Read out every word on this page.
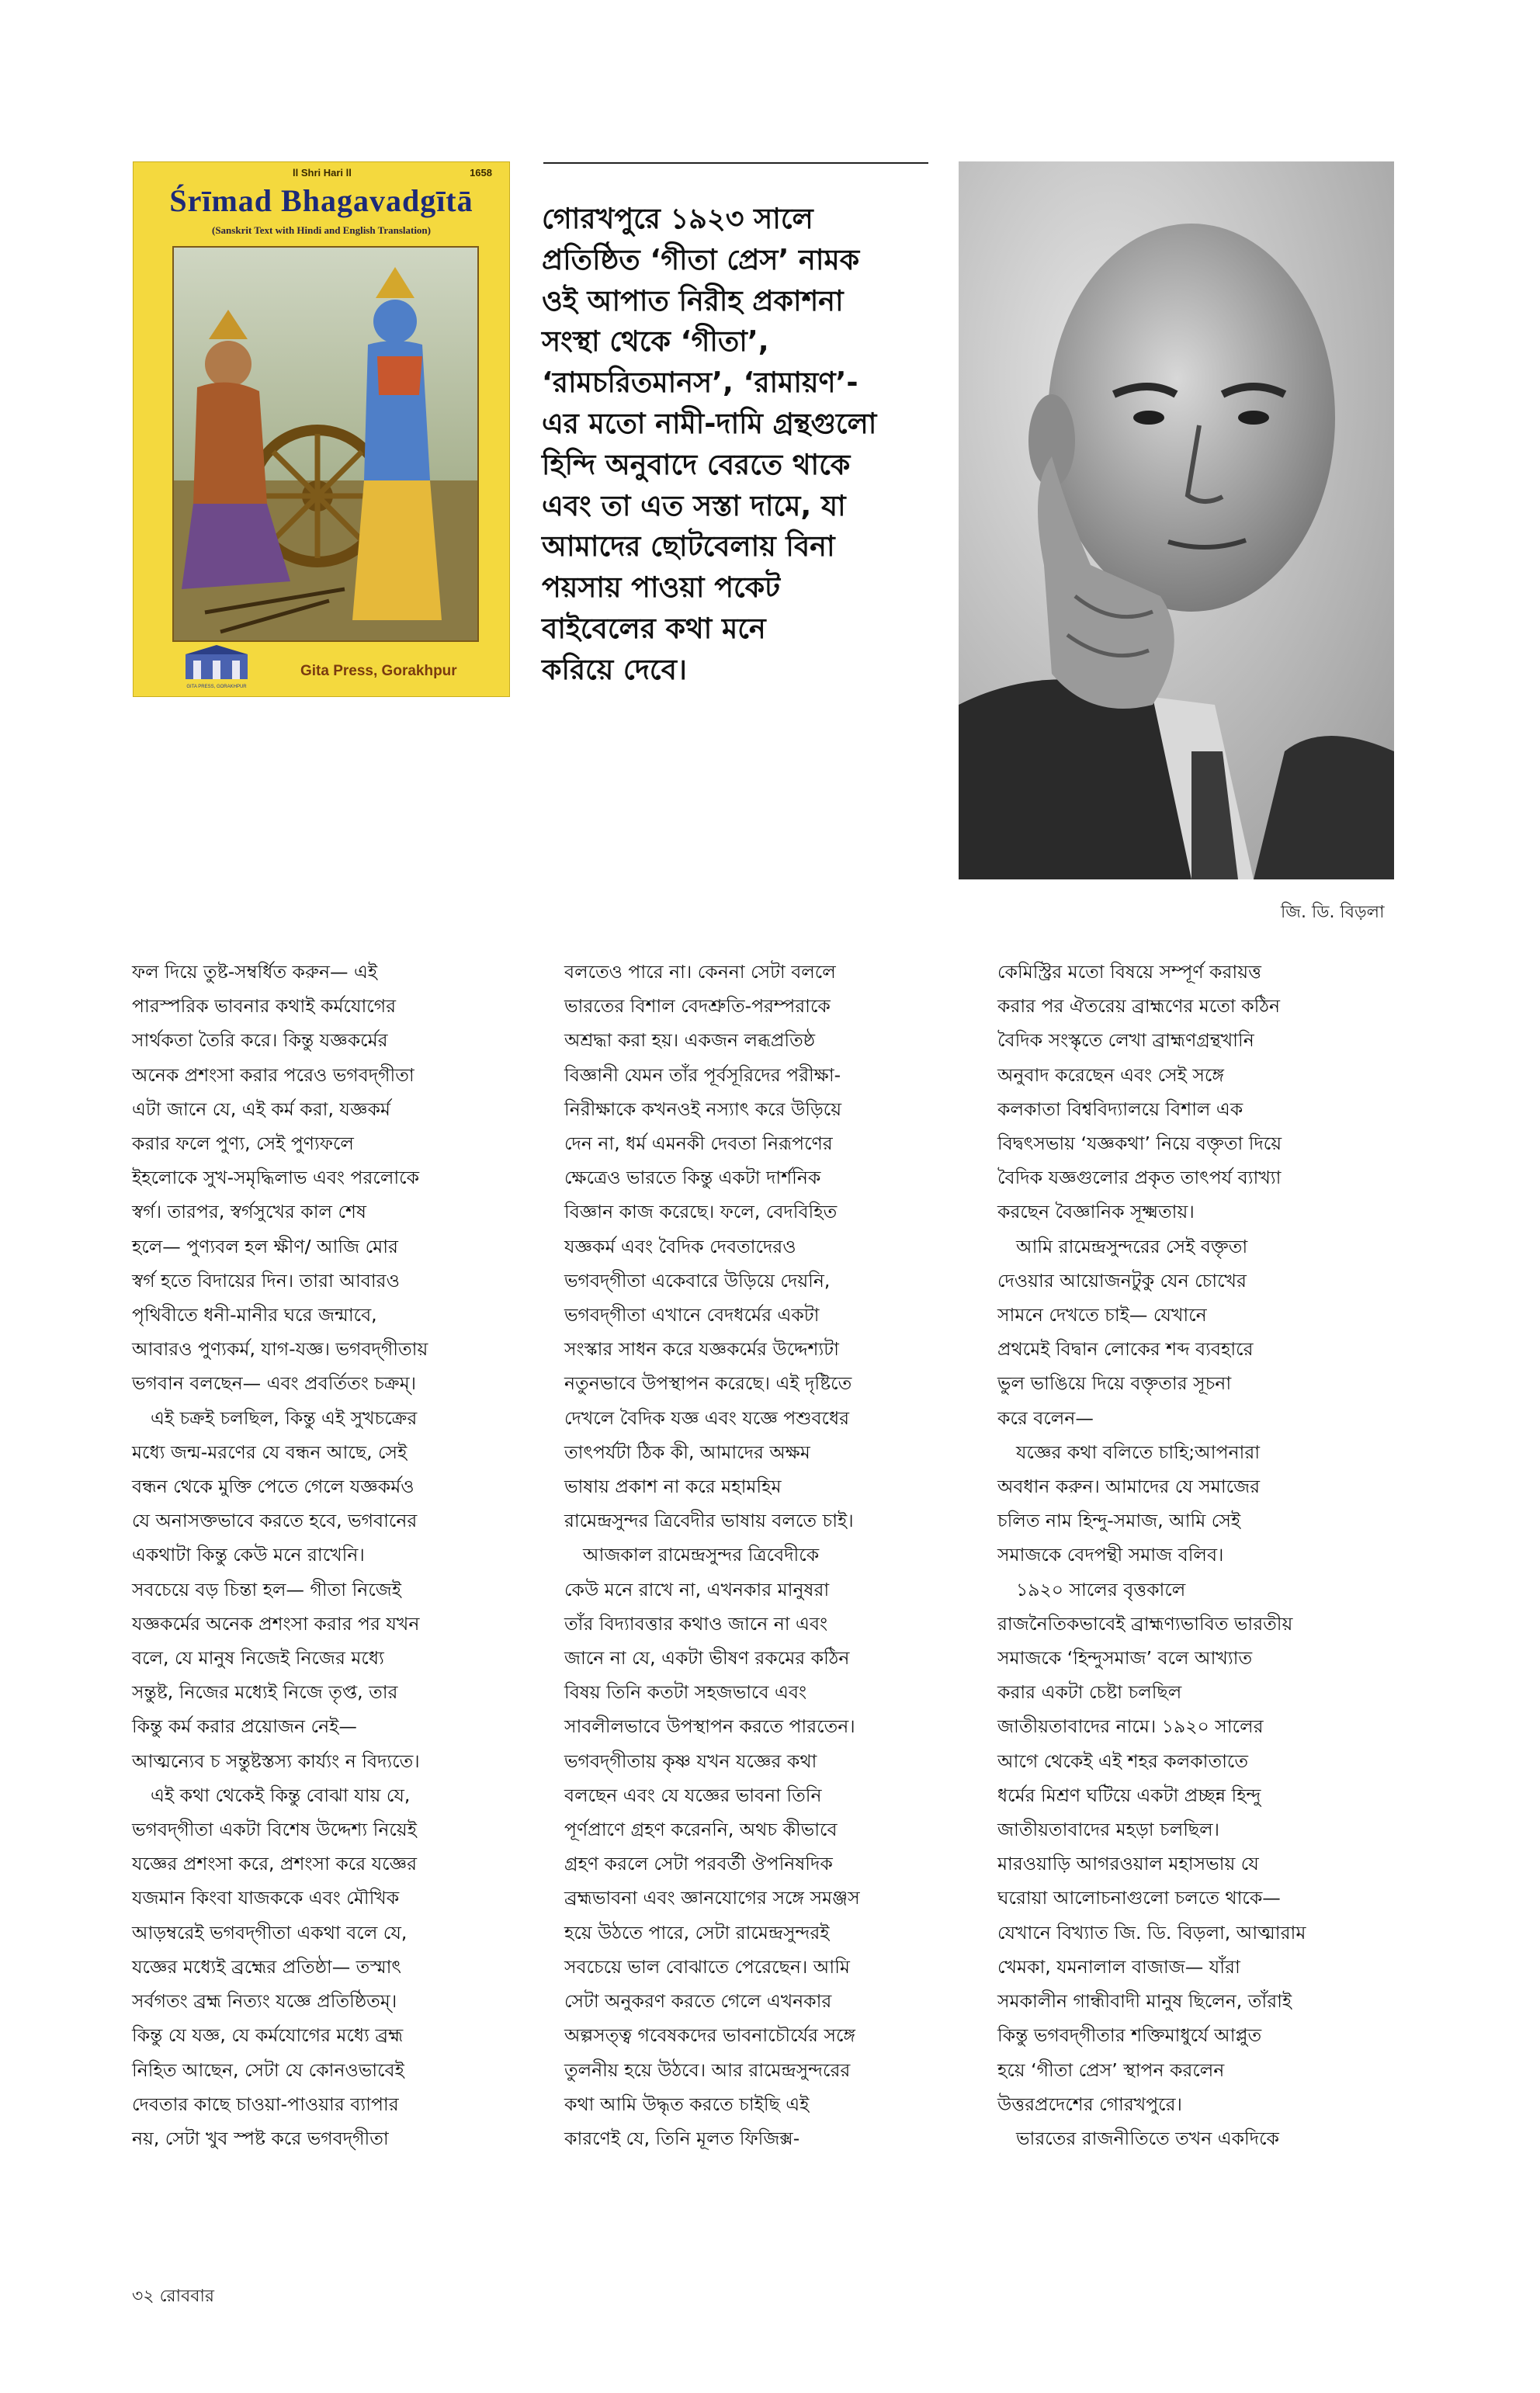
ll Shri Hari ll	1658
Śrīmad Bhagavadgītā
(Sanskrit Text with Hindi and English Translation)
GITA PRESS, GORAKHPUR
Gita Press, Gorakhpur
গোরখপুরে ১৯২৩ সালে
প্রতিষ্ঠিত ‘গীতা প্রেস’ নামক
ওই আপাত নিরীহ প্রকাশনা
সংস্থা থেকে ‘গীতা’,
‘রামচরিতমানস’, ‘রামায়ণ’-
এর মতো নামী-দামি গ্রন্থগুলো
হিন্দি অনুবাদে বেরতে থাকে
এবং তা এত সস্তা দামে, যা
আমাদের ছোটবেলায় বিনা
পয়সায় পাওয়া পকেট
বাইবেলের কথা মনে
করিয়ে দেবে।
জি. ডি. বিড়লা
ফল দিয়ে তুষ্ট-সম্বর্ধিত করুন— এই
পারস্পরিক ভাবনার কথাই কর্মযোগের
সার্থকতা তৈরি করে। কিন্তু যজ্ঞকর্মের
অনেক প্রশংসা করার পরেও ভগবদ্‌গীতা
এটা জানে যে, এই কর্ম করা, যজ্ঞকর্ম
করার ফলে পুণ্য, সেই পুণ্যফলে
ইহলোকে সুখ-সমৃদ্ধিলাভ এবং পরলোকে
স্বর্গ। তারপর, স্বর্গসুখের কাল শেষ
হলে— পুণ্যবল হল ক্ষীণ/ আজি মোর
স্বর্গ হতে বিদায়ের দিন। তারা আবারও
পৃথিবীতে ধনী-মানীর ঘরে জন্মাবে,
আবারও পুণ্যকর্ম, যাগ-যজ্ঞ। ভগবদ্‌গীতায়
ভগবান বলছেন— এবং প্রবর্তিতং চক্রম্‌।
এই চক্রই চলছিল, কিন্তু এই সুখচক্রের
মধ্যে জন্ম-মরণের যে বন্ধন আছে, সেই
বন্ধন থেকে মুক্তি পেতে গেলে যজ্ঞকর্মও
যে অনাসক্তভাবে করতে হবে, ভগবানের
একথাটা কিন্তু কেউ মনে রাখেনি।
সবচেয়ে বড় চিন্তা হল— গীতা নিজেই
যজ্ঞকর্মের অনেক প্রশংসা করার পর যখন
বলে, যে মানুষ নিজেই নিজের মধ্যে
সন্তুষ্ট, নিজের মধ্যেই নিজে তৃপ্ত, তার
কিন্তু কর্ম করার প্রয়োজন নেই—
আত্মন্যেব চ সন্তুষ্টস্তস্য কার্য্যং ন বিদ্যতে।
এই কথা থেকেই কিন্তু বোঝা যায় যে,
ভগবদ্‌গীতা একটা বিশেষ উদ্দেশ্য নিয়েই
যজ্ঞের প্রশংসা করে, প্রশংসা করে যজ্ঞের
যজমান কিংবা যাজককে এবং মৌখিক
আড়ম্বরেই ভগবদ্‌গীতা একথা বলে যে,
যজ্ঞের মধ্যেই ব্রহ্মের প্রতিষ্ঠা— তস্মাৎ
সর্বগতং ব্রহ্ম নিত্যং যজ্ঞে প্রতিষ্ঠিতম্‌।
কিন্তু যে যজ্ঞ, যে কর্মযোগের মধ্যে ব্রহ্ম
নিহিত আছেন, সেটা যে কোনওভাবেই
দেবতার কাছে চাওয়া-পাওয়ার ব্যাপার
নয়, সেটা খুব স্পষ্ট করে ভগবদ্‌গীতা
বলতেও পারে না। কেননা সেটা বললে
ভারতের বিশাল বেদশ্রুতি-পরম্পরাকে
অশ্রদ্ধা করা হয়। একজন লব্ধপ্রতিষ্ঠ
বিজ্ঞানী যেমন তাঁর পূর্বসূরিদের পরীক্ষা-
নিরীক্ষাকে কখনওই নস্যাৎ করে উড়িয়ে
দেন না, ধর্ম এমনকী দেবতা নিরূপণের
ক্ষেত্রেও ভারতে কিন্তু একটা দার্শনিক
বিজ্ঞান কাজ করেছে। ফলে, বেদবিহিত
যজ্ঞকর্ম এবং বৈদিক দেবতাদেরও
ভগবদ্‌গীতা একেবারে উড়িয়ে দেয়নি,
ভগবদ্‌গীতা এখানে বেদধর্মের একটা
সংস্কার সাধন করে যজ্ঞকর্মের উদ্দেশ্যটা
নতুনভাবে উপস্থাপন করেছে। এই দৃষ্টিতে
দেখলে বৈদিক যজ্ঞ এবং যজ্ঞে পশুবধের
তাৎপর্যটা ঠিক কী, আমাদের অক্ষম
ভাষায় প্রকাশ না করে মহামহিম
রামেন্দ্রসুন্দর ত্রিবেদীর ভাষায় বলতে চাই।
আজকাল রামেন্দ্রসুন্দর ত্রিবেদীকে
কেউ মনে রাখে না, এখনকার মানুষরা
তাঁর বিদ্যাবত্তার কথাও জানে না এবং
জানে না যে, একটা ভীষণ রকমের কঠিন
বিষয় তিনি কতটা সহজভাবে এবং
সাবলীলভাবে উপস্থাপন করতে পারতেন।
ভগবদ্‌গীতায় কৃষ্ণ যখন যজ্ঞের কথা
বলছেন এবং যে যজ্ঞের ভাবনা তিনি
পূর্ণপ্রাণে গ্রহণ করেননি, অথচ কীভাবে
গ্রহণ করলে সেটা পরবর্তী ঔপনিষদিক
ব্রহ্মভাবনা এবং জ্ঞানযোগের সঙ্গে সমঞ্জস
হয়ে উঠতে পারে, সেটা রামেন্দ্রসুন্দরই
সবচেয়ে ভাল বোঝাতে পেরেছেন। আমি
সেটা অনুকরণ করতে গেলে এখনকার
অল্পসত্ত্ব গবেষকদের ভাবনাচৌর্যের সঙ্গে
তুলনীয় হয়ে উঠবে। আর রামেন্দ্রসুন্দরের
কথা আমি উদ্ধৃত করতে চাইছি এই
কারণেই যে, তিনি মূলত ফিজিক্স-
কেমিস্ট্রির মতো বিষয়ে সম্পূর্ণ করায়ত্ত
করার পর ঐতরেয় ব্রাহ্মণের মতো কঠিন
বৈদিক সংস্কৃতে লেখা ব্রাহ্মণগ্রন্থখানি
অনুবাদ করেছেন এবং সেই সঙ্গে
কলকাতা বিশ্ববিদ্যালয়ে বিশাল এক
বিদ্বৎসভায় ‘যজ্ঞকথা’ নিয়ে বক্তৃতা দিয়ে
বৈদিক যজ্ঞগুলোর প্রকৃত তাৎপর্য ব্যাখ্যা
করছেন বৈজ্ঞানিক সূক্ষ্মতায়।
আমি রামেন্দ্রসুন্দরের সেই বক্তৃতা
দেওয়ার আয়োজনটুকু যেন চোখের
সামনে দেখতে চাই— যেখানে
প্রথমেই বিদ্বান লোকের শব্দ ব্যবহারে
ভুল ভাঙিয়ে দিয়ে বক্তৃতার সূচনা
করে বলেন—
যজ্ঞের কথা বলিতে চাহি;আপনারা
অবধান করুন। আমাদের যে সমাজের
চলিত নাম হিন্দু-সমাজ, আমি সেই
সমাজকে বেদপন্থী সমাজ বলিব।
১৯২০ সালের বৃত্তকালে
রাজনৈতিকভাবেই ব্রাহ্মণ্যভাবিত ভারতীয়
সমাজকে ‘হিন্দুসমাজ’ বলে আখ্যাত
করার একটা চেষ্টা চলছিল
জাতীয়তাবাদের নামে। ১৯২০ সালের
আগে থেকেই এই শহর কলকাতাতে
ধর্মের মিশ্রণ ঘটিয়ে একটা প্রচ্ছন্ন হিন্দু
জাতীয়তাবাদের মহড়া চলছিল।
মারওয়াড়ি আগরওয়াল মহাসভায় যে
ঘরোয়া আলোচনাগুলো চলতে থাকে—
যেখানে বিখ্যাত জি. ডি. বিড়লা, আত্মারাম
খেমকা, যমনালাল বাজাজ— যাঁরা
সমকালীন গান্ধীবাদী মানুষ ছিলেন, তাঁরাই
কিন্তু ভগবদ্‌গীতার শক্তিমাধুর্যে আপ্লুত
হয়ে ‘গীতা প্রেস’ স্থাপন করলেন
উত্তরপ্রদেশের গোরখপুরে।
ভারতের রাজনীতিতে তখন একদিকে
৩২ রোববার
